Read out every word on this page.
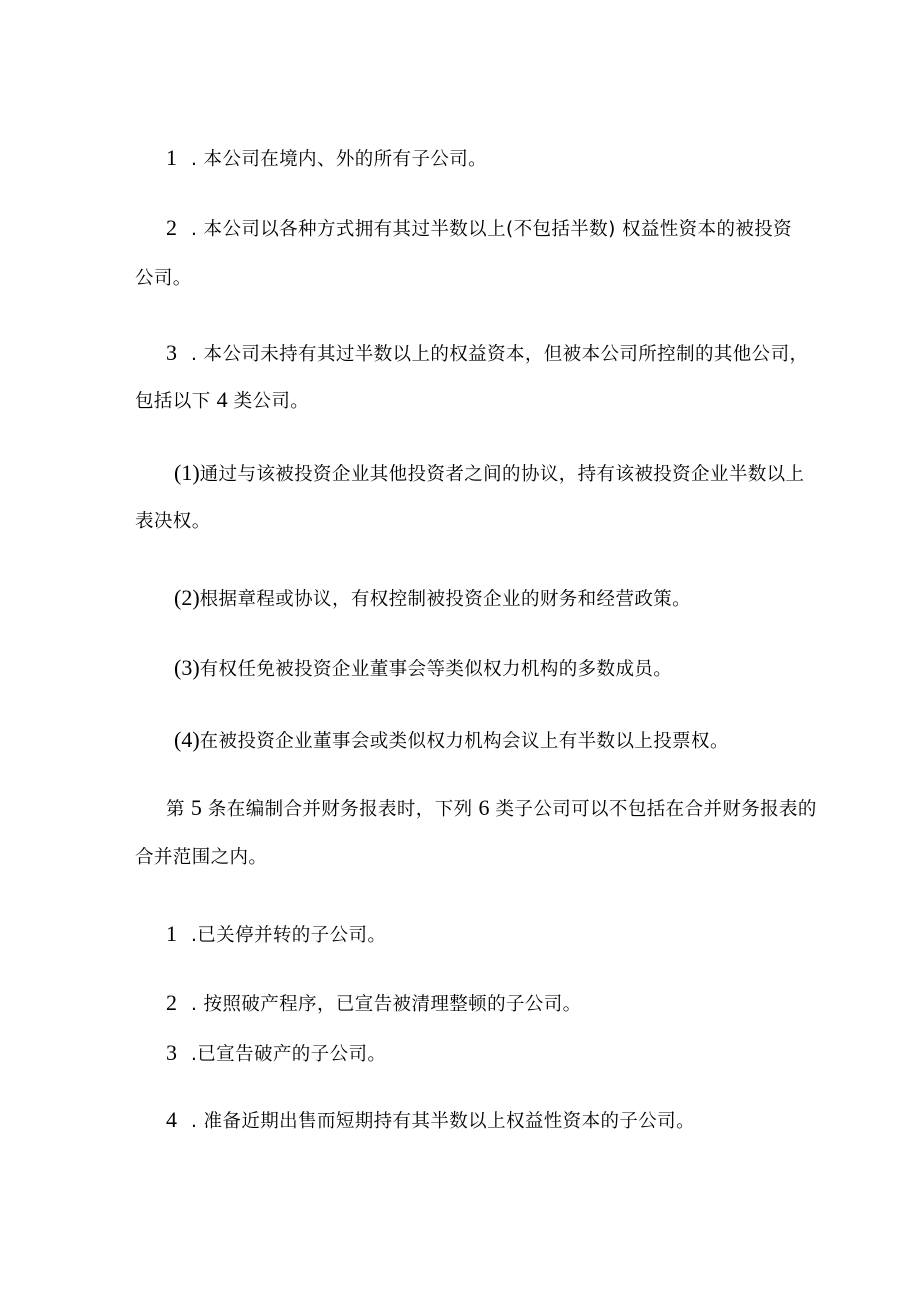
1 . 本公司在境内、外的所有子公司。
2 . 本公司以各种方式拥有其过半数以上(不包括半数) 权益性资本的被投资
公司。
3 . 本公司未持有其过半数以上的权益资本，但被本公司所控制的其他公司，
包括以下 4 类公司。
(1)通过与该被投资企业其他投资者之间的协议，持有该被投资企业半数以上
表决权。
(2)根据章程或协议，有权控制被投资企业的财务和经营政策。
(3)有权任免被投资企业董事会等类似权力机构的多数成员。
(4)在被投资企业董事会或类似权力机构会议上有半数以上投票权。
第 5 条在编制合并财务报表时，下列 6 类子公司可以不包括在合并财务报表的
合并范围之内。
1 .已关停并转的子公司。
2 . 按照破产程序，已宣告被清理整顿的子公司。
3 .已宣告破产的子公司。
4 . 准备近期出售而短期持有其半数以上权益性资本的子公司。
